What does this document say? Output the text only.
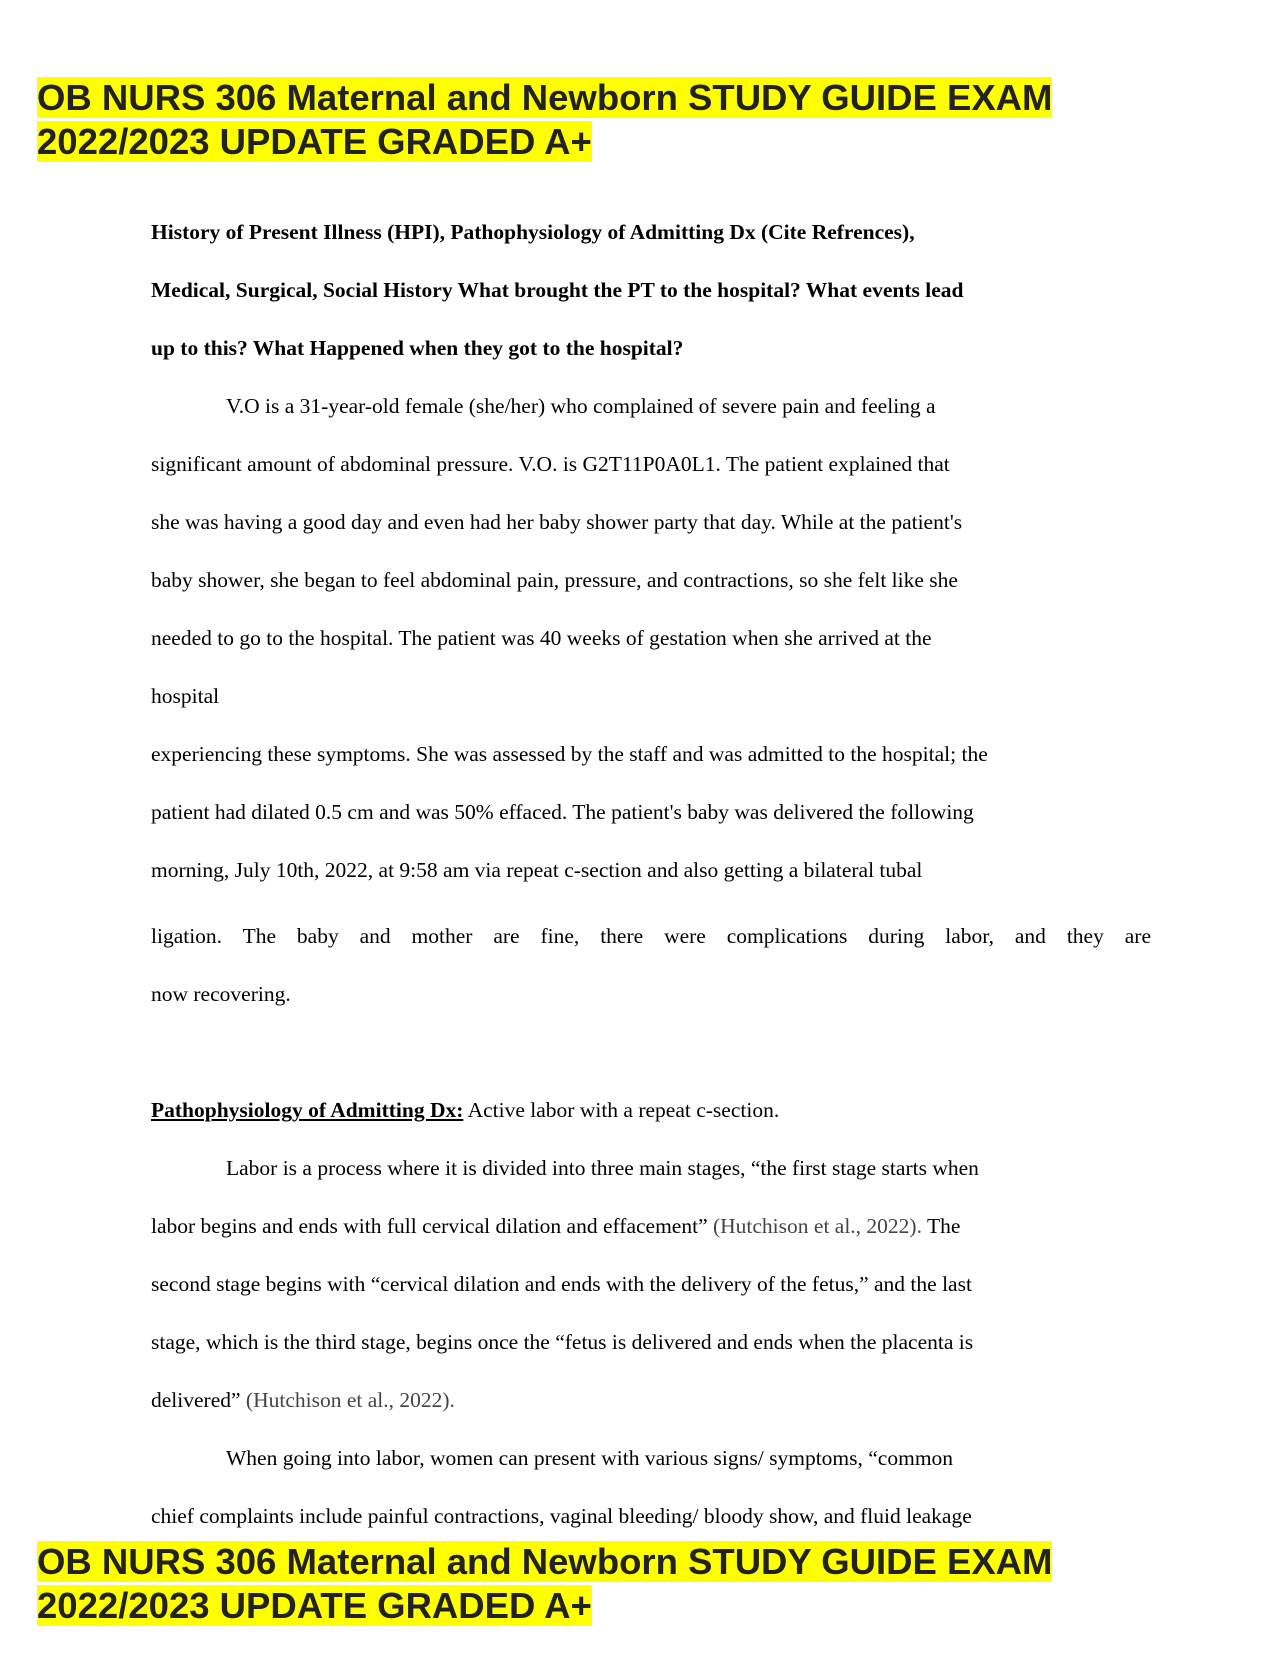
OB NURS 306 Maternal and Newborn STUDY GUIDE EXAM
2022/2023 UPDATE GRADED A+
History of Present Illness (HPI), Pathophysiology of Admitting Dx (Cite Refrences),
Medical, Surgical, Social History What brought the PT to the hospital? What events lead
up to this? What Happened when they got to the hospital?
V.O is a 31-year-old female (she/her) who complained of severe pain and feeling a
significant amount of abdominal pressure. V.O. is G2T11P0A0L1. The patient explained that
she was having a good day and even had her baby shower party that day. While at the patient's
baby shower, she began to feel abdominal pain, pressure, and contractions, so she felt like she
needed to go to the hospital. The patient was 40 weeks of gestation when she arrived at the
hospital
experiencing these symptoms. She was assessed by the staff and was admitted to the hospital; the
patient had dilated 0.5 cm and was 50% effaced. The patient's baby was delivered the following
morning, July 10th, 2022, at 9:58 am via repeat c-section and also getting a bilateral tubal
ligation. The baby and mother are fine, there were complications during labor, and they are
now recovering.
Pathophysiology of Admitting Dx: Active labor with a repeat c-section.
Labor is a process where it is divided into three main stages, “the first stage starts when
labor begins and ends with full cervical dilation and effacement” (Hutchison et al., 2022). The
second stage begins with “cervical dilation and ends with the delivery of the fetus,” and the last
stage, which is the third stage, begins once the “fetus is delivered and ends when the placenta is
delivered” (Hutchison et al., 2022).
When going into labor, women can present with various signs/ symptoms, “common
chief complaints include painful contractions, vaginal bleeding/ bloody show, and fluid leakage
OB NURS 306 Maternal and Newborn STUDY GUIDE EXAM
2022/2023 UPDATE GRADED A+
